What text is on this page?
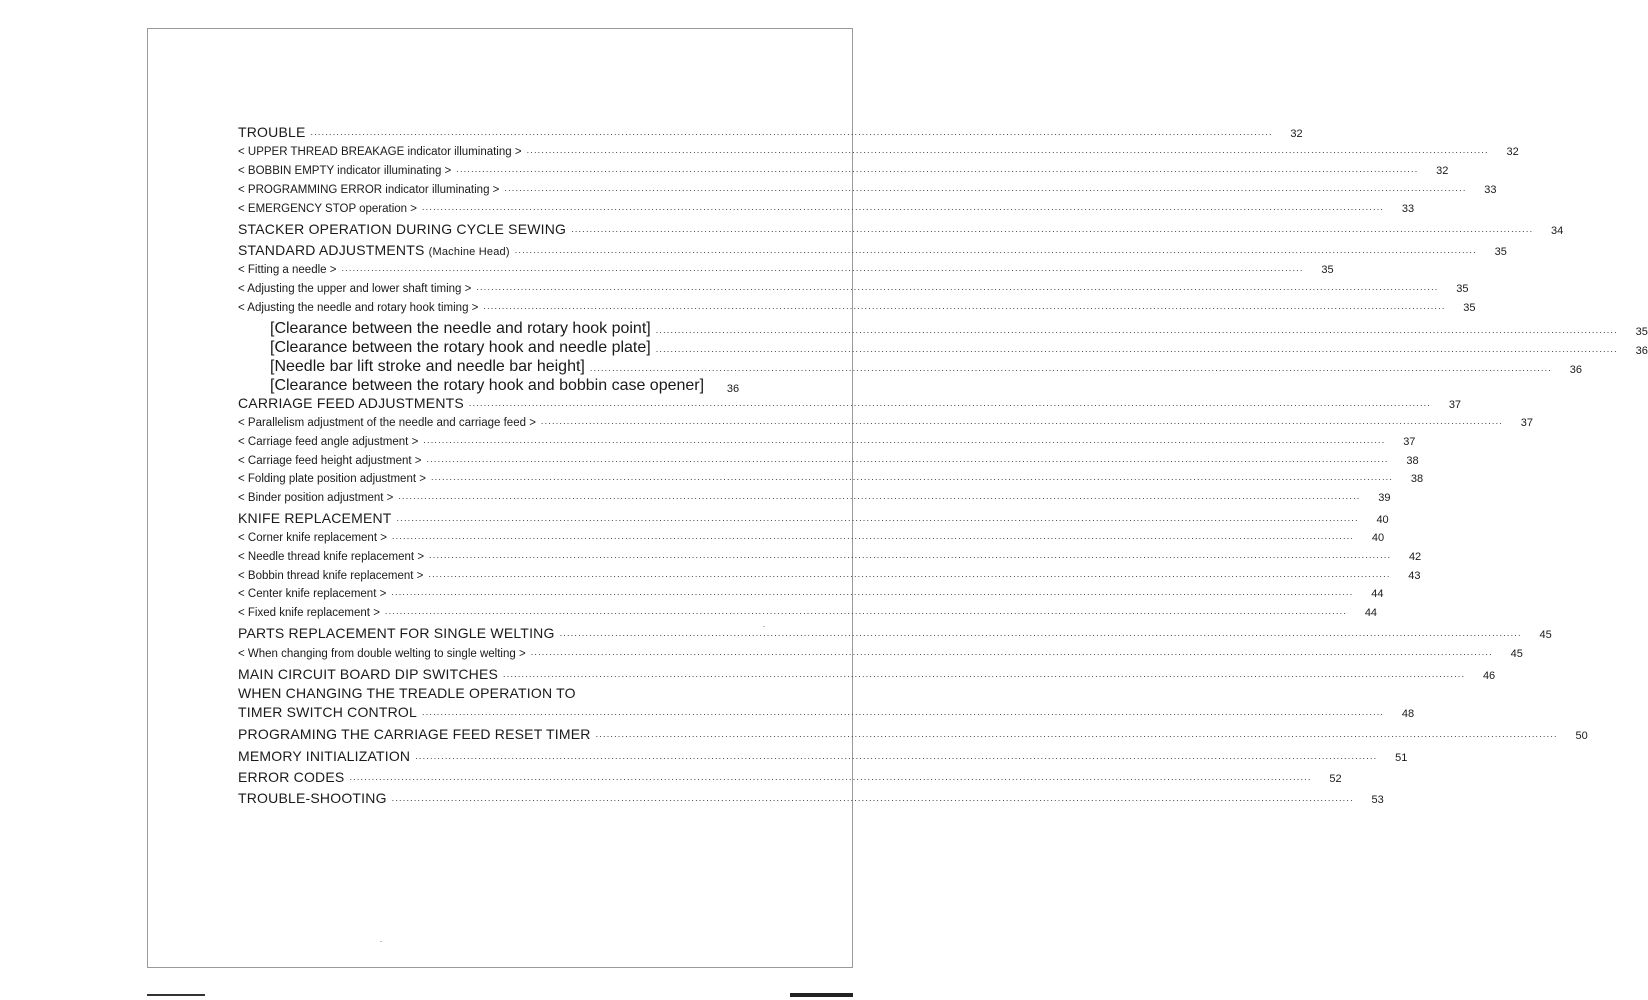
TROUBLE ....................................................................................................................................................................................................................................................................	32
< UPPER THREAD BREAKAGE indicator illuminating > ....................................................................................................................................................................................................................................................................	32
< BOBBIN EMPTY indicator illuminating > ....................................................................................................................................................................................................................................................................	32
< PROGRAMMING ERROR indicator illuminating > ....................................................................................................................................................................................................................................................................	33
< EMERGENCY STOP operation > ....................................................................................................................................................................................................................................................................	33
STACKER OPERATION DURING CYCLE SEWING ....................................................................................................................................................................................................................................................................	34
STANDARD ADJUSTMENTS (Machine Head) ....................................................................................................................................................................................................................................................................	35
< Fitting a needle > ....................................................................................................................................................................................................................................................................	35
< Adjusting the upper and lower shaft timing > ....................................................................................................................................................................................................................................................................	35
< Adjusting the needle and rotary hook timing > ....................................................................................................................................................................................................................................................................	35
[Clearance between the needle and rotary hook point] ....................................................................................................................................................................................................................................................................	35
[Clearance between the rotary hook and needle plate] ....................................................................................................................................................................................................................................................................	36
[Needle bar lift stroke and needle bar height] ....................................................................................................................................................................................................................................................................	36
[Clearance between the rotary hook and bobbin case opener]	36
CARRIAGE FEED ADJUSTMENTS ....................................................................................................................................................................................................................................................................	37
< Parallelism adjustment of the needle and carriage feed > ....................................................................................................................................................................................................................................................................	37
< Carriage feed angle adjustment > ....................................................................................................................................................................................................................................................................	37
< Carriage feed height adjustment > ....................................................................................................................................................................................................................................................................	38
< Folding plate position adjustment > ....................................................................................................................................................................................................................................................................	38
< Binder position adjustment > ....................................................................................................................................................................................................................................................................	39
KNIFE REPLACEMENT ....................................................................................................................................................................................................................................................................	40
< Corner knife replacement > ....................................................................................................................................................................................................................................................................	40
< Needle thread knife replacement > ....................................................................................................................................................................................................................................................................	42
< Bobbin thread knife replacement > ....................................................................................................................................................................................................................................................................	43
< Center knife replacement > ....................................................................................................................................................................................................................................................................	44
< Fixed knife replacement > ....................................................................................................................................................................................................................................................................	44
PARTS REPLACEMENT FOR SINGLE WELTING ....................................................................................................................................................................................................................................................................	45
< When changing from double welting to single welting > ....................................................................................................................................................................................................................................................................	45
MAIN CIRCUIT BOARD DIP SWITCHES ....................................................................................................................................................................................................................................................................	46
WHEN CHANGING THE TREADLE OPERATION TO
TIMER SWITCH CONTROL ....................................................................................................................................................................................................................................................................	48
PROGRAMING THE CARRIAGE FEED RESET TIMER ....................................................................................................................................................................................................................................................................	50
MEMORY INITIALIZATION ....................................................................................................................................................................................................................................................................	51
ERROR CODES ....................................................................................................................................................................................................................................................................	52
TROUBLE-SHOOTING ....................................................................................................................................................................................................................................................................	53
